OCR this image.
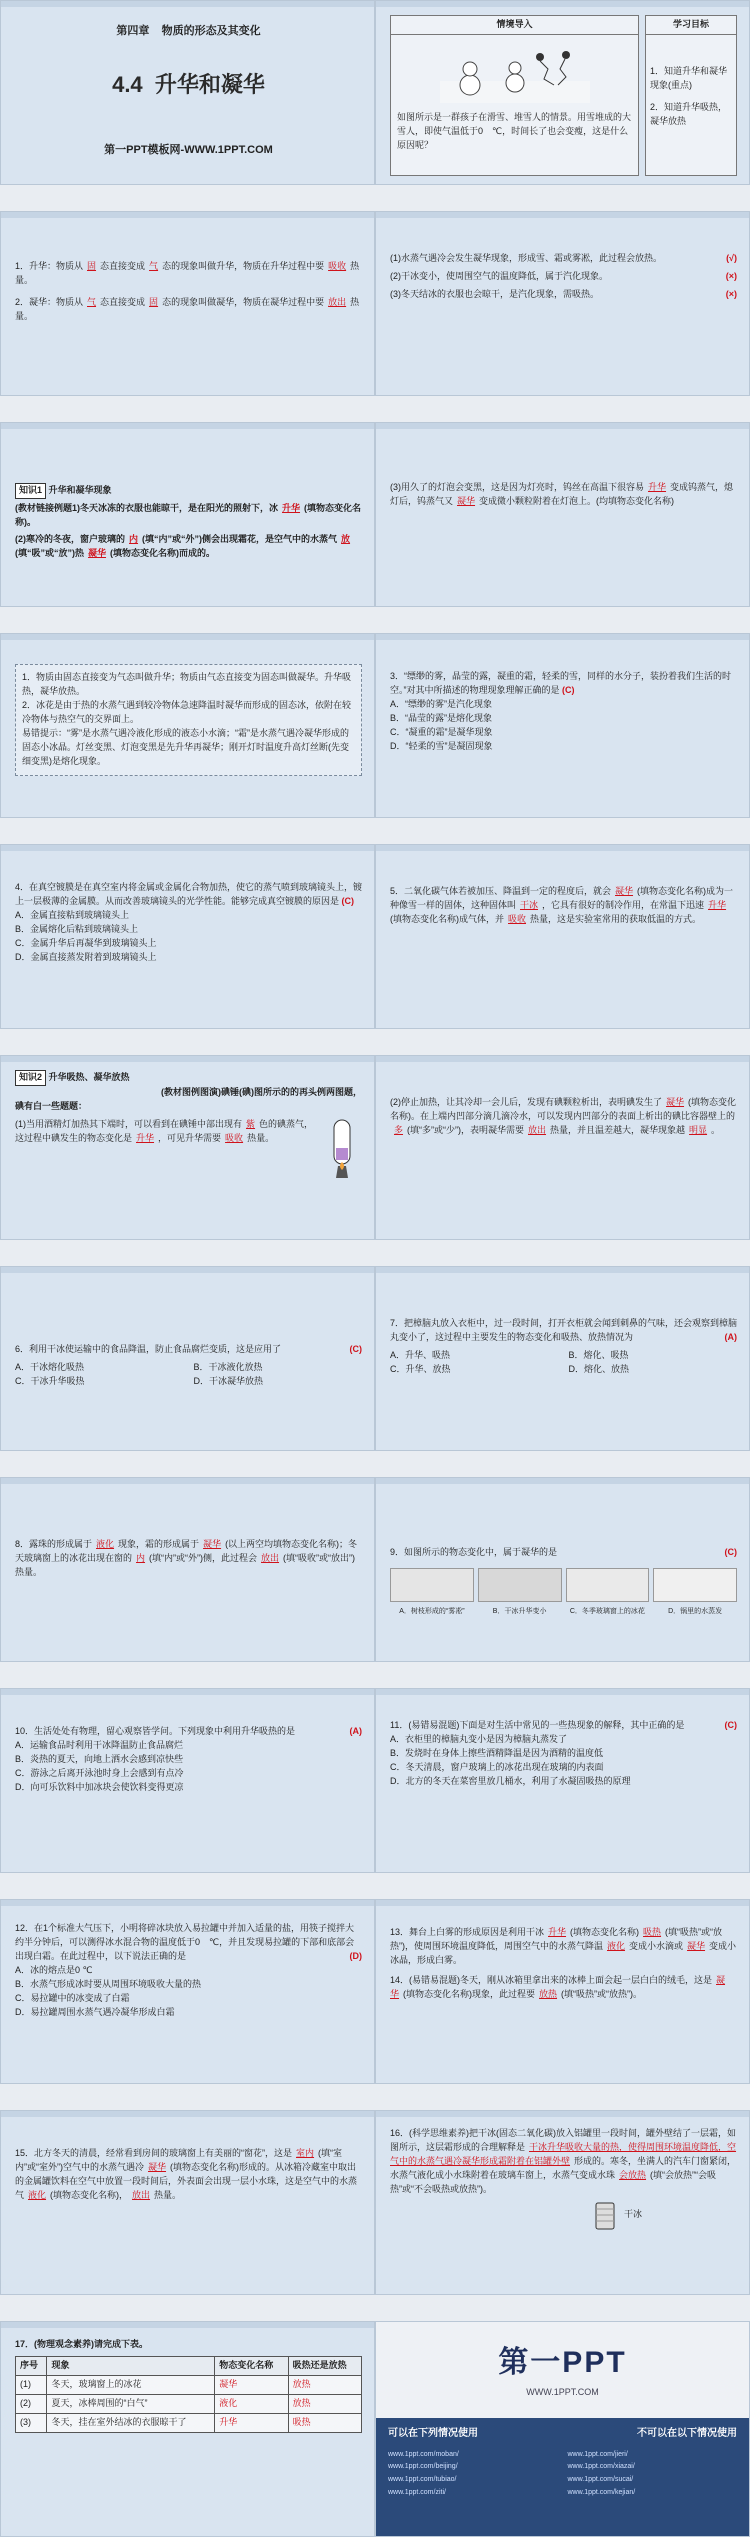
第四章 物质的形态及其变化
4.4 升华和凝华
第一PPT模板网-WWW.1PPT.COM
情境导入
如图所示是一群孩子在滑雪、堆雪人的情景。用雪堆成的大雪人，即使气温低于0　℃，时间长了也会变瘦，这是什么原因呢？
学习目标
1．知道升华和凝华现象(重点)
2．知道升华吸热，凝华放热

1．升华：物质从 固 态直接变成 气 态的现象叫做升华，物质在升华过程中要 吸收 热量。

2．凝华：物质从 气 态直接变成 固 态的现象叫做凝华，物质在凝华过程中要 放出 热量。

(1)水蒸气遇冷会发生凝华现象，形成雪、霜或雾凇，此过程会放热。	(√)

(2)干冰变小，使周围空气的温度降低，属于汽化现象。	(×)

(3)冬天结冰的衣服也会晾干，是汽化现象，需吸热。	(×)

知识1 升华和凝华现象

(教材链接例题1)冬天冰冻的衣服也能晾干，是在阳光的照射下，冰 升华 (填物态变化名称)。

(2)寒冷的冬夜，窗户玻璃的 内 (填“内”或“外”)侧会出现霜花，是空气中的水蒸气 放(填“吸”或“放”)热 凝华 (填物态变化名称)而成的。

(3)用久了的灯泡会变黑，这是因为灯亮时，钨丝在高温下很容易 升华 变成钨蒸气，熄灯后，钨蒸气又 凝华 变成微小颗粒附着在灯泡上。(均填物态变化名称)

1．物质由固态直接变为气态叫做升华；物质由气态直接变为固态叫做凝华。升华吸热，凝华放热。

2．冰花是由于热的水蒸气遇到较冷物体急速降温时凝华而形成的固态冰，依附在较冷物体与热空气的交界面上。

易错提示：“雾”是水蒸气遇冷液化形成的液态小水滴；“霜”是水蒸气遇冷凝华形成的固态小冰晶。灯丝变黑、灯泡变黑是先升华再凝华；刚开灯时温度升高灯丝断(先变细变黑)是熔化现象。

3．“缥缈的雾，晶莹的露，凝重的霜，轻柔的雪，同样的水分子，装扮着我们生活的时空。”对其中所描述的物理现象理解正确的是 (C)

A．“缥缈的雾”是汽化现象

B．“晶莹的露”是熔化现象

C．“凝重的霜”是凝华现象

D．“轻柔的雪”是凝固现象

4．在真空镀膜是在真空室内将金属或金属化合物加热，使它的蒸气喷到玻璃镜头上，镀上一层极薄的金属膜。从而改善玻璃镜头的光学性能。能够完成真空镀膜的原因是 (C)

A．金属直接粘到玻璃镜头上

B．金属熔化后粘到玻璃镜头上

C．金属升华后再凝华到玻璃镜头上

D．金属直接蒸发附着到玻璃镜头上

5．二氧化碳气体若被加压、降温到一定的程度后，就会 凝华 (填物态变化名称)成为一种像雪一样的固体，这种固体叫 干冰 ，它具有很好的制冷作用，在常温下迅速 升华(填物态变化名称)成气体，并 吸收 热量，这是实验室常用的获取低温的方式。

知识2 升华吸热、凝华放热

(教材图例图演)碘锤(碘)图所示的的再头例两图题，

碘有白一些题题：

(1)当用酒精灯加热其下端时，可以看到在碘锤中部出现有 紫 色的碘蒸气，这过程中碘发生的物态变化是 升华 ，可见升华需要 吸收 热量。

(2)停止加热，让其冷却一会儿后，发现有碘颗粒析出，表明碘发生了 凝华 (填物态变化名称)。在上端内凹部分滴几滴冷水，可以发现内凹部分的表面上析出的碘比容器壁上的多 (填“多”或“少”)，表明凝华需要 放出 热量，并且温差越大，凝华现象越 明显 。

6．利用干冰使运输中的食品降温，防止食品腐烂变质，这是应用了	(C)

A．干冰熔化吸热	B．干冰液化放热
C．干冰升华吸热	D．干冰凝华放热

7．把樟脑丸放入衣柜中，过一段时间，打开衣柜就会闻到刺鼻的气味，还会观察到樟脑丸变小了，这过程中主要发生的物态变化和吸热、放热情况为	(A)

A．升华、吸热	B．熔化、吸热
C．升华、放热	D．熔化、放热

8．露珠的形成属于 液化 现象，霜的形成属于 凝华 (以上两空均填物态变化名称)；冬天玻璃窗上的冰花出现在窗的 内 (填“内”或“外”)侧，此过程会 放出 (填“吸收”或“放出”)热量。

9．如图所示的物态变化中，属于凝华的是	(C)

A．树枝形成的“雾凇”	B．干冰升华变小	C．冬季玻璃窗上的冰花	D．锅里的水蒸发

10．生活处处有物理，留心观察皆学问。下列现象中利用升华吸热的是	(A)

A．运输食品时利用干冰降温防止食品腐烂

B．炎热的夏天，向地上洒水会感到凉快些

C．游泳之后离开泳池时身上会感到有点冷

D．向可乐饮料中加冰块会使饮料变得更凉

11．(易错易混题)下面是对生活中常见的一些热现象的解释，其中正确的是	(C)

A．衣柜里的樟脑丸变小是因为樟脑丸蒸发了

B．发烧时在身体上擦些酒精降温是因为酒精的温度低

C．冬天清晨，窗户玻璃上的冰花出现在玻璃的内表面

D．北方的冬天在菜窖里放几桶水，利用了水凝固吸热的原理

12．在1个标准大气压下，小明将碎冰块放入易拉罐中并加入适量的盐，用筷子搅拌大约半分钟后，可以测得冰水混合物的温度低于0　℃，并且发现易拉罐的下部和底部会出现白霜。在此过程中，以下说法正确的是	(D)

A．冰的熔点是0 ℃

B．水蒸气形成冰时要从周围环境吸收大量的热

C．易拉罐中的冰变成了白霜

D．易拉罐周围水蒸气遇冷凝华形成白霜

13．舞台上白雾的形成原因是利用干冰 升华 (填物态变化名称) 吸热 (填“吸热”或“放热”)，使周围环境温度降低，周围空气中的水蒸气降温 液化 变成小水滴或 凝华 变成小冰晶，形成白雾。

14．(易错易混题)冬天，刚从冰箱里拿出来的冰棒上面会起一层白白的绒毛，这是 凝华 (填物态变化名称)现象，此过程要 放热 (填“吸热”或“放热”)。

15．北方冬天的清晨，经常看到房间的玻璃窗上有美丽的“窗花”，这是 室内 (填“室内”或“室外”)空气中的水蒸气遇冷 凝华 (填物态变化名称)形成的。从冰箱冷藏室中取出的金属罐饮料在空气中放置一段时间后，外表面会出现一层小水珠，这是空气中的水蒸气 液化 (填物态变化名称)， 放出 热量。

16．(科学思维素养)把干冰(固态二氧化碳)放入铝罐里一段时间，罐外壁结了一层霜，如图所示，这层霜形成的合理解释是 干冰升华吸收大量的热，使得周围环境温度降低，空气中的水蒸气遇冷凝华形成霜附着在铝罐外壁 形成的。寒冬，坐满人的汽车门窗紧闭，水蒸气液化成小水珠附着在玻璃车窗上，水蒸气变成水珠 会放热 (填“会放热”“会吸热”或“不会吸热或放热”)。

干冰

17．(物理观念素养)请完成下表。

序号	现象	物态变化名称	吸热还是放热
(1)	冬天，玻璃窗上的冰花	凝华	放热
(2)	夏天，冰棒周围的“白气”	液化	放热
(3)	冬天，挂在室外结冰的衣服晾干了	升华	吸热
第一PPT
WWW.1PPT.COM
可以在下列情况使用	不可以在以下情况使用
www.1ppt.com/moban/	www.1ppt.com/jieri/
www.1ppt.com/beijing/	www.1ppt.com/xiazai/
www.1ppt.com/tubiao/	www.1ppt.com/sucai/
www.1ppt.com/ziti/	www.1ppt.com/kejian/
